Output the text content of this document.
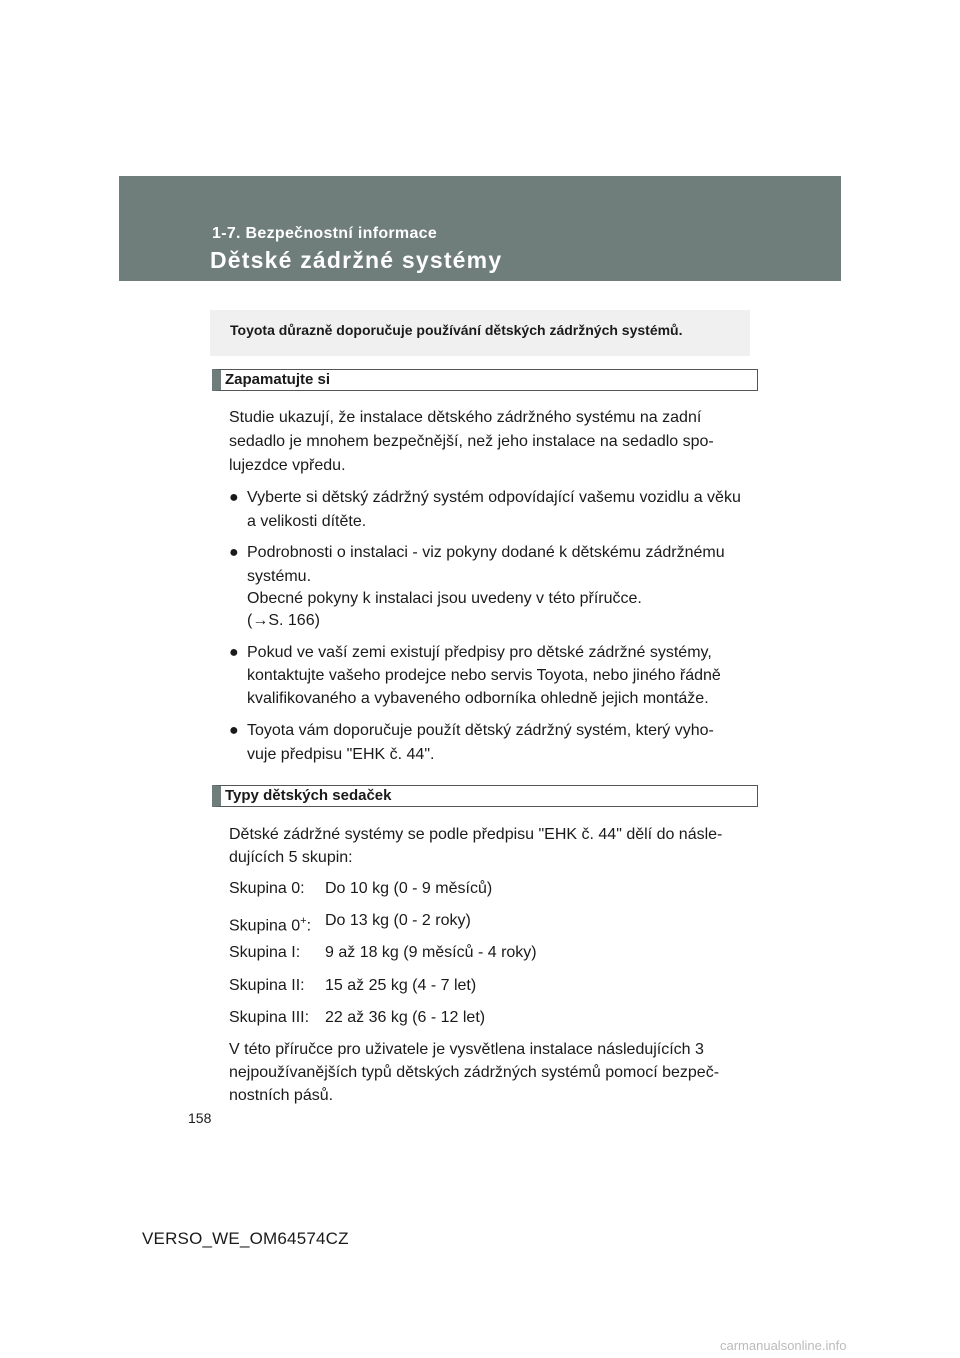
1-7. Bezpečnostní informace

Dětské zádržné systémy

Toyota důrazně doporučuje používání dětských zádržných systémů.

Zapamatujte si
Studie ukazují, že instalace dětského zádržného systému na zadní
sedadlo je mnohem bezpečnější, než jeho instalace na sedadlo spo-
lujezdce vpředu.
● Vyberte si dětský zádržný systém odpovídající vašemu vozidlu a věku
a velikosti dítěte.
● Podrobnosti o instalaci - viz pokyny dodané k dětskému zádržnému
systému.
Obecné pokyny k instalaci jsou uvedeny v této příručce.
(→S. 166)
● Pokud ve vaší zemi existují předpisy pro dětské zádržné systémy,
kontaktujte vašeho prodejce nebo servis Toyota, nebo jiného řádně
kvalifikovaného a vybaveného odborníka ohledně jejich montáže.
● Toyota vám doporučuje použít dětský zádržný systém, který vyho-
vuje předpisu "EHK č. 44".
Typy dětských sedaček
Dětské zádržné systémy se podle předpisu "EHK č. 44" dělí do násle-
dujících 5 skupin:
Skupina 0: Do 10 kg (0 - 9 měsíců)
Skupina 0+: Do 13 kg (0 - 2 roky)
Skupina I: 9 až 18 kg (9 měsíců - 4 roky)
Skupina II: 15 až 25 kg (4 - 7 let)
Skupina III: 22 až 36 kg (6 - 12 let)
V této příručce pro uživatele je vysvětlena instalace následujících 3
nejpoužívanějších typů dětských zádržných systémů pomocí bezpeč-
nostních pásů.
158
VERSO_WE_OM64574CZ
carmanualsonline.info
